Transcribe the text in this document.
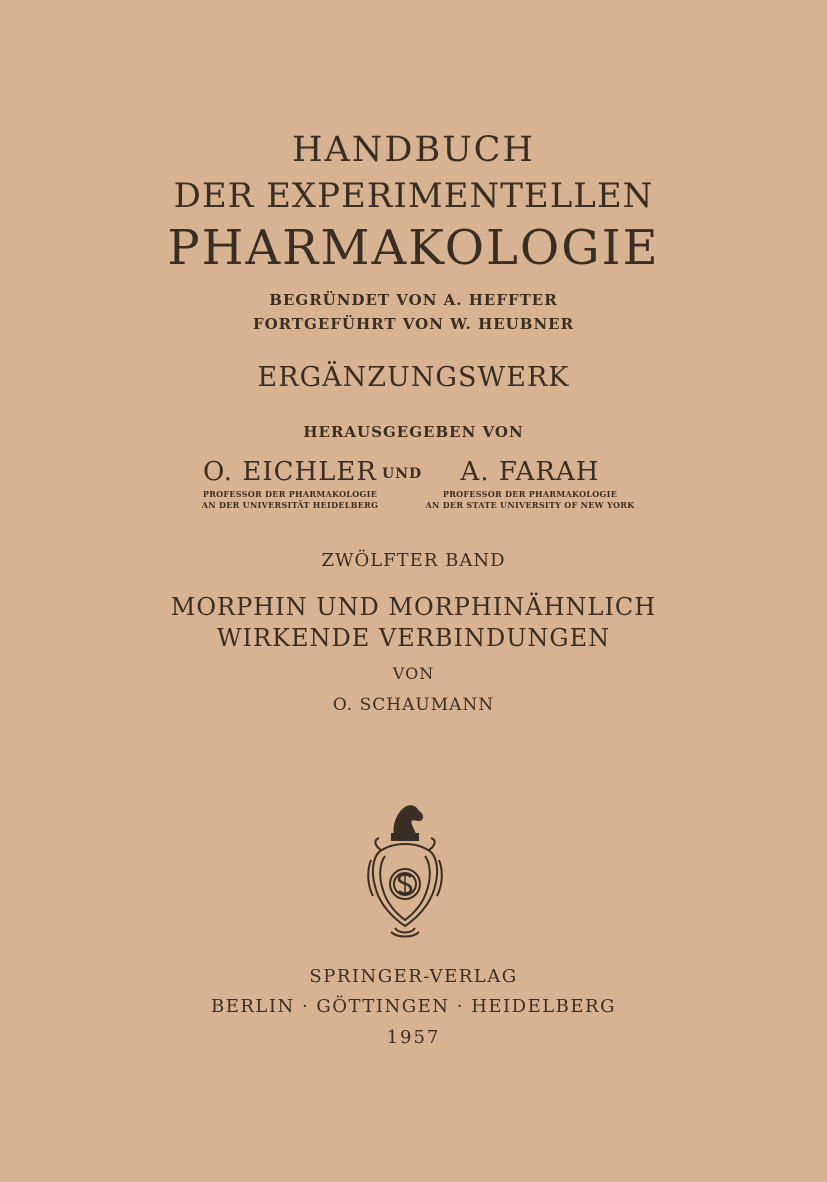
HANDBUCH
DER EXPERIMENTELLEN
PHARMAKOLOGIE
BEGRÜNDET VON A. HEFFTER
FORTGEFÜHRT VON W. HEUBNER
ERGÄNZUNGSWERK
HERAUSGEGEBEN VON
O. EICHLER
PROFESSOR DER PHARMAKOLOGIE
AN DER UNIVERSITÄT HEIDELBERG
UND	A. FARAH
PROFESSOR DER PHARMAKOLOGIE
AN DER STATE UNIVERSITY OF NEW YORK
ZWÖLFTER BAND
MORPHIN UND MORPHINÄHNLICH
WIRKENDE VERBINDUNGEN
VON
O. SCHAUMANN
SPRINGER-VERLAG
BERLIN · GÖTTINGEN · HEIDELBERG
1957
